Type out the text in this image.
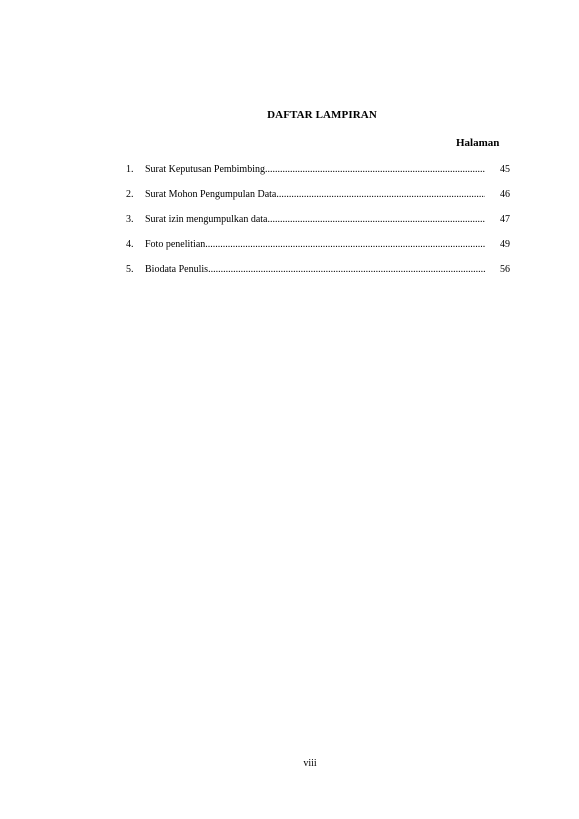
DAFTAR LAMPIRAN
Halaman
1.	Surat Keputusan Pembimbing .....	45
2.	Surat Mohon Pengumpulan Data .....	46
3.	Surat izin mengumpulkan data .....	47
4.	Foto penelitian .....	49
5.	Biodata Penulis .....	56
viii
